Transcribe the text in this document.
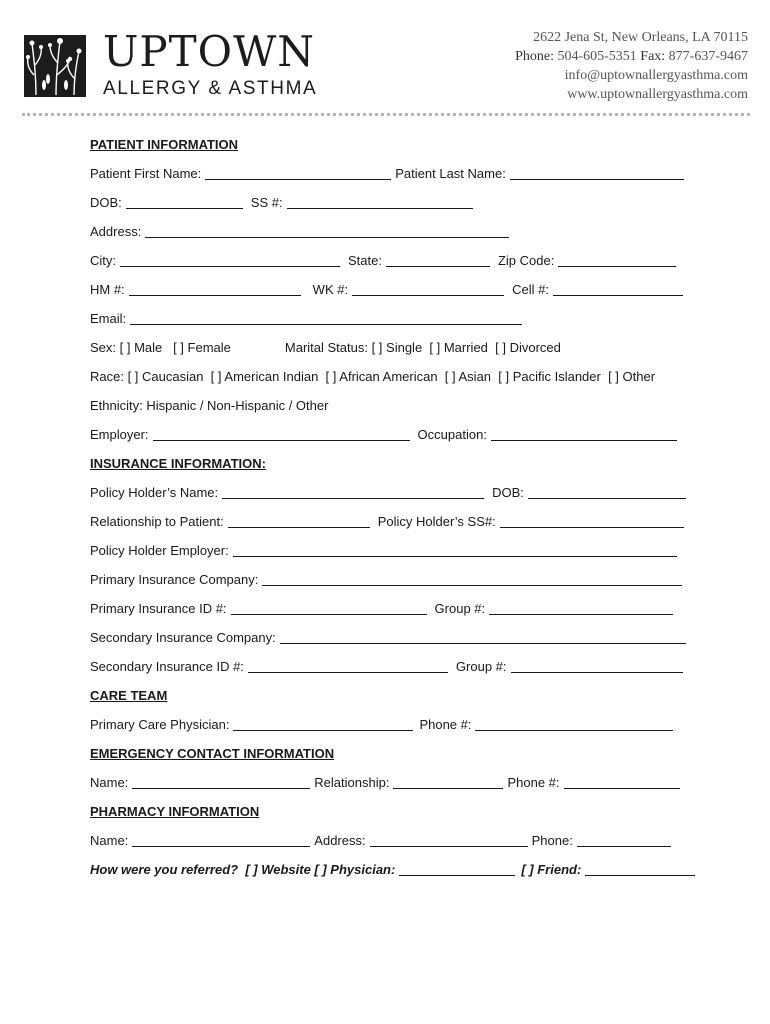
UPTOWN
ALLERGY & ASTHMA
2622 Jena St, New Orleans, LA 70115
Phone: 504-605-5351 Fax: 877-637-9467
info@uptownallergyasthma.com
www.uptownallergyasthma.com
PATIENT INFORMATION
Patient First Name:	Patient Last Name:
DOB:	SS #:
Address:
City:	State:	Zip Code:
HM #:	WK #:	Cell #:
Email:
Sex: [ ] Male   [ ] Female	Marital Status: [ ] Single  [ ] Married  [ ] Divorced
Race: [ ] Caucasian  [ ] American Indian  [ ] African American  [ ] Asian  [ ] Pacific Islander  [ ] Other
Ethnicity: Hispanic / Non-Hispanic / Other
Employer:	Occupation:
INSURANCE INFORMATION:
Policy Holder’s Name:	DOB:
Relationship to Patient:	Policy Holder’s SS#:
Policy Holder Employer:
Primary Insurance Company:
Primary Insurance ID #:	Group #:
Secondary Insurance Company:
Secondary Insurance ID #:	Group #:
CARE TEAM
Primary Care Physician:	Phone #:
EMERGENCY CONTACT INFORMATION
Name:	Relationship:	Phone #:
PHARMACY INFORMATION
Name:	Address:	Phone:
How were you referred?  [ ] Website [ ] Physician:	[ ] Friend:
